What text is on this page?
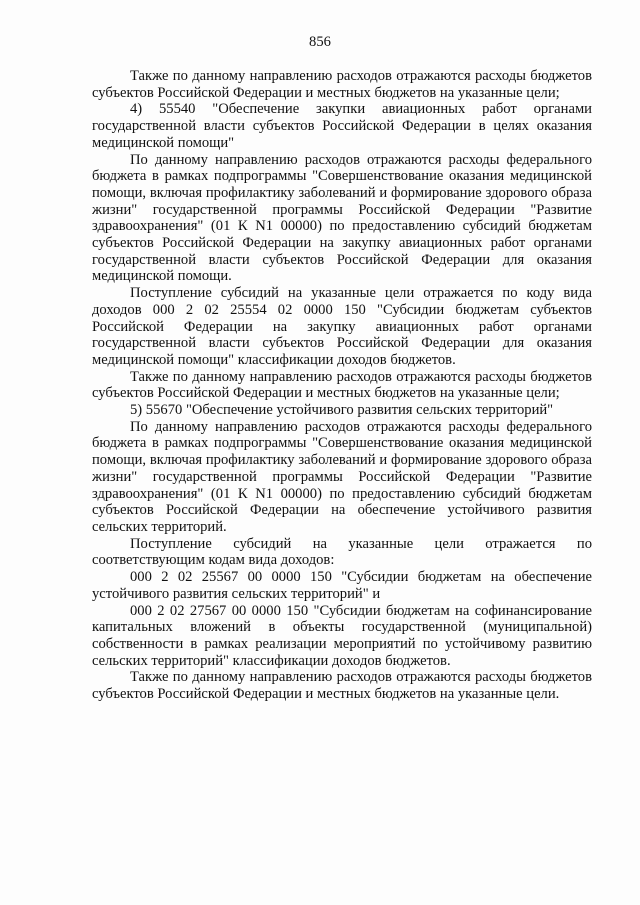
856

Также по данному направлению расходов отражаются расходы бюджетов субъектов Российской Федерации и местных бюджетов на указанные цели;

4) 55540 "Обеспечение закупки авиационных работ органами государственной власти субъектов Российской Федерации в целях оказания медицинской помощи"

По данному направлению расходов отражаются расходы федерального бюджета в рамках подпрограммы "Совершенствование оказания медицинской помощи, включая профилактику заболеваний и формирование здорового образа жизни" государственной программы Российской Федерации "Развитие здравоохранения" (01 К N1 00000) по предоставлению субсидий бюджетам субъектов Российской Федерации на закупку авиационных работ органами государственной власти субъектов Российской Федерации для оказания медицинской помощи.

Поступление субсидий на указанные цели отражается по коду вида доходов 000 2 02 25554 02 0000 150 "Субсидии бюджетам субъектов Российской Федерации на закупку авиационных работ органами государственной власти субъектов Российской Федерации для оказания медицинской помощи" классификации доходов бюджетов.

Также по данному направлению расходов отражаются расходы бюджетов субъектов Российской Федерации и местных бюджетов на указанные цели;

5) 55670 "Обеспечение устойчивого развития сельских территорий"

По данному направлению расходов отражаются расходы федерального бюджета в рамках подпрограммы "Совершенствование оказания медицинской помощи, включая профилактику заболеваний и формирование здорового образа жизни" государственной программы Российской Федерации "Развитие здравоохранения" (01 К N1 00000) по предоставлению субсидий бюджетам субъектов Российской Федерации на обеспечение устойчивого развития сельских территорий.

Поступление субсидий на указанные цели отражается по соответствующим кодам вида доходов:

000 2 02 25567 00 0000 150 "Субсидии бюджетам на обеспечение устойчивого развития сельских территорий" и

000 2 02 27567 00 0000 150 "Субсидии бюджетам на софинансирование капитальных вложений в объекты государственной (муниципальной) собственности в рамках реализации мероприятий по устойчивому развитию сельских территорий" классификации доходов бюджетов.

Также по данному направлению расходов отражаются расходы бюджетов субъектов Российской Федерации и местных бюджетов на указанные цели.
